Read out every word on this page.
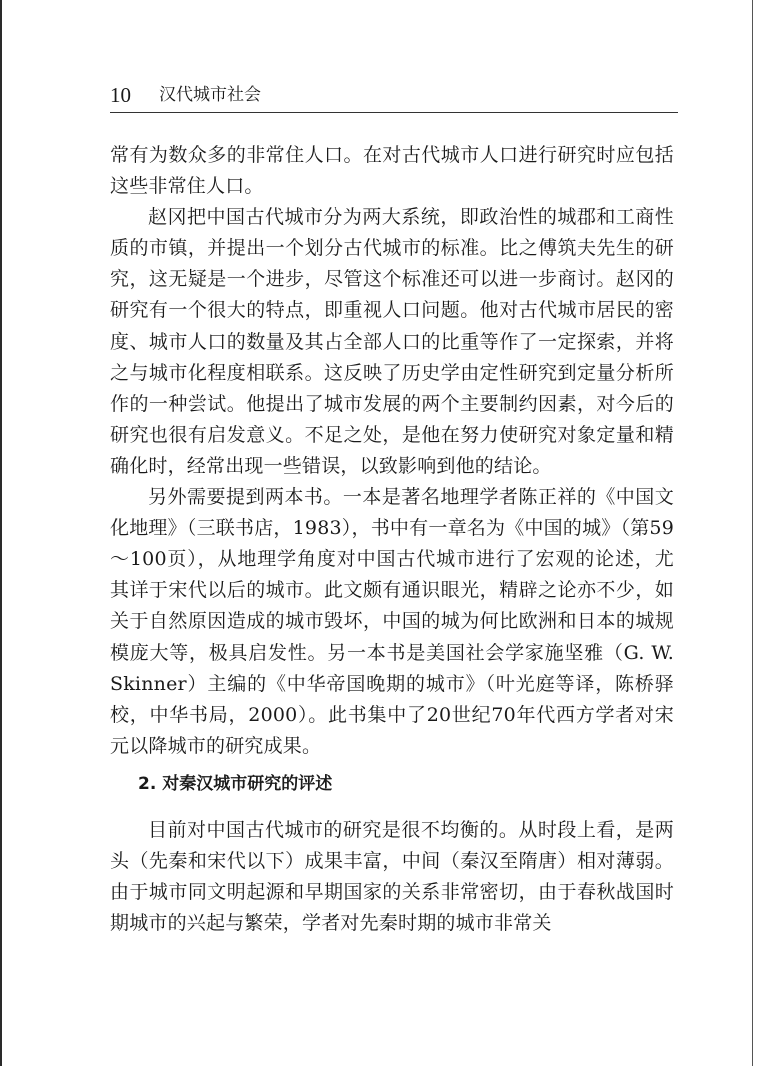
10 汉代城市社会

常有为数众多的非常住人口。在对古代城市人口进行研究时应包括这些非常住人口。

赵冈把中国古代城市分为两大系统，即政治性的城郡和工商性质的市镇，并提出一个划分古代城市的标准。比之傅筑夫先生的研究，这无疑是一个进步，尽管这个标准还可以进一步商讨。赵冈的研究有一个很大的特点，即重视人口问题。他对古代城市居民的密度、城市人口的数量及其占全部人口的比重等作了一定探索，并将之与城市化程度相联系。这反映了历史学由定性研究到定量分析所作的一种尝试。他提出了城市发展的两个主要制约因素，对今后的研究也很有启发意义。不足之处，是他在努力使研究对象定量和精确化时，经常出现一些错误，以致影响到他的结论。

另外需要提到两本书。一本是著名地理学者陈正祥的《中国文化地理》（三联书店，1983），书中有一章名为《中国的城》（第59～100页），从地理学角度对中国古代城市进行了宏观的论述，尤其详于宋代以后的城市。此文颇有通识眼光，精辟之论亦不少，如关于自然原因造成的城市毁坏，中国的城为何比欧洲和日本的城规模庞大等，极具启发性。另一本书是美国社会学家施坚雅（G. W. Skinner）主编的《中华帝国晚期的城市》（叶光庭等译，陈桥驿校，中华书局，2000）。此书集中了20世纪70年代西方学者对宋元以降城市的研究成果。

2. 对秦汉城市研究的评述

目前对中国古代城市的研究是很不均衡的。从时段上看，是两头（先秦和宋代以下）成果丰富，中间（秦汉至隋唐）相对薄弱。由于城市同文明起源和早期国家的关系非常密切，由于春秋战国时期城市的兴起与繁荣，学者对先秦时期的城市非常关
